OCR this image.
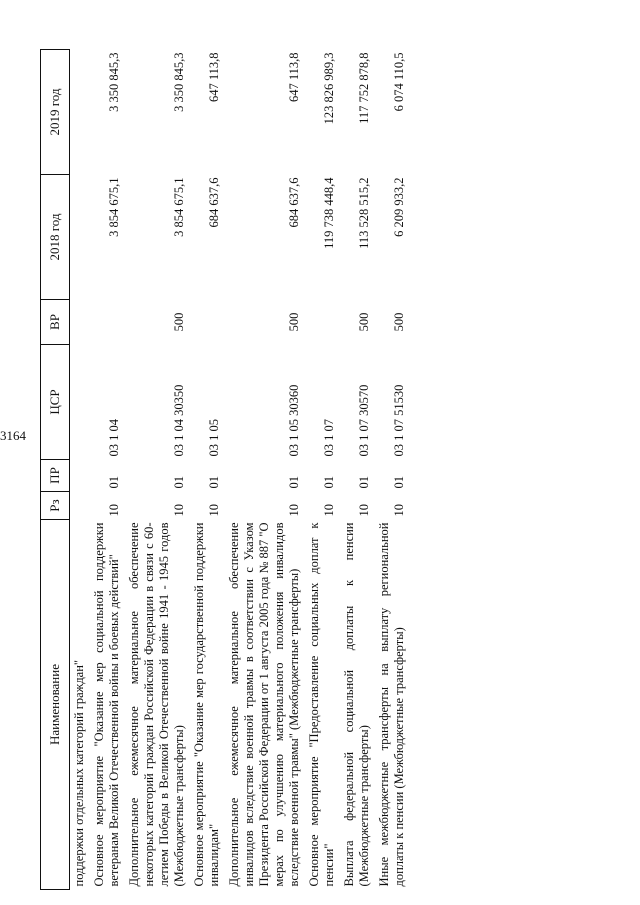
3164
Наименование	Рз	ПР	ЦСР	ВР	2018 год	2019 год
поддержки отдельных категорий граждан"						
Основное мероприятие "Оказание мер социальной поддержки ветеранам Великой Отечественной войны и боевых действий"	10	01	03 1 04		3 854 675,1	3 350 845,3
Дополнительное ежемесячное материальное обеспечение некоторых категорий граждан Российской Федерации в связи с 60-летием Победы в Великой Отечественной войне 1941 - 1945 годов (Межбюджетные трансферты)	10	01	03 1 04 30350	500	3 854 675,1	3 350 845,3
Основное мероприятие "Оказание мер государственной поддержки инвалидам"	10	01	03 1 05		684 637,6	647 113,8
Дополнительное ежемесячное материальное обеспечение инвалидов вследствие военной травмы в соответствии с Указом Президента Российской Федерации от 1 августа 2005 года № 887 "О мерах по улучшению материального положения инвалидов вследствие военной травмы" (Межбюджетные трансферты)	10	01	03 1 05 30360	500	684 637,6	647 113,8
Основное мероприятие "Предоставление социальных доплат к пенсии"	10	01	03 1 07		119 738 448,4	123 826 989,3
Выплата федеральной социальной доплаты к пенсии (Межбюджетные трансферты)	10	01	03 1 07 30570	500	113 528 515,2	117 752 878,8
Иные межбюджетные трансферты на выплату региональной доплаты к пенсии (Межбюджетные трансферты)	10	01	03 1 07 51530	500	6 209 933,2	6 074 110,5
